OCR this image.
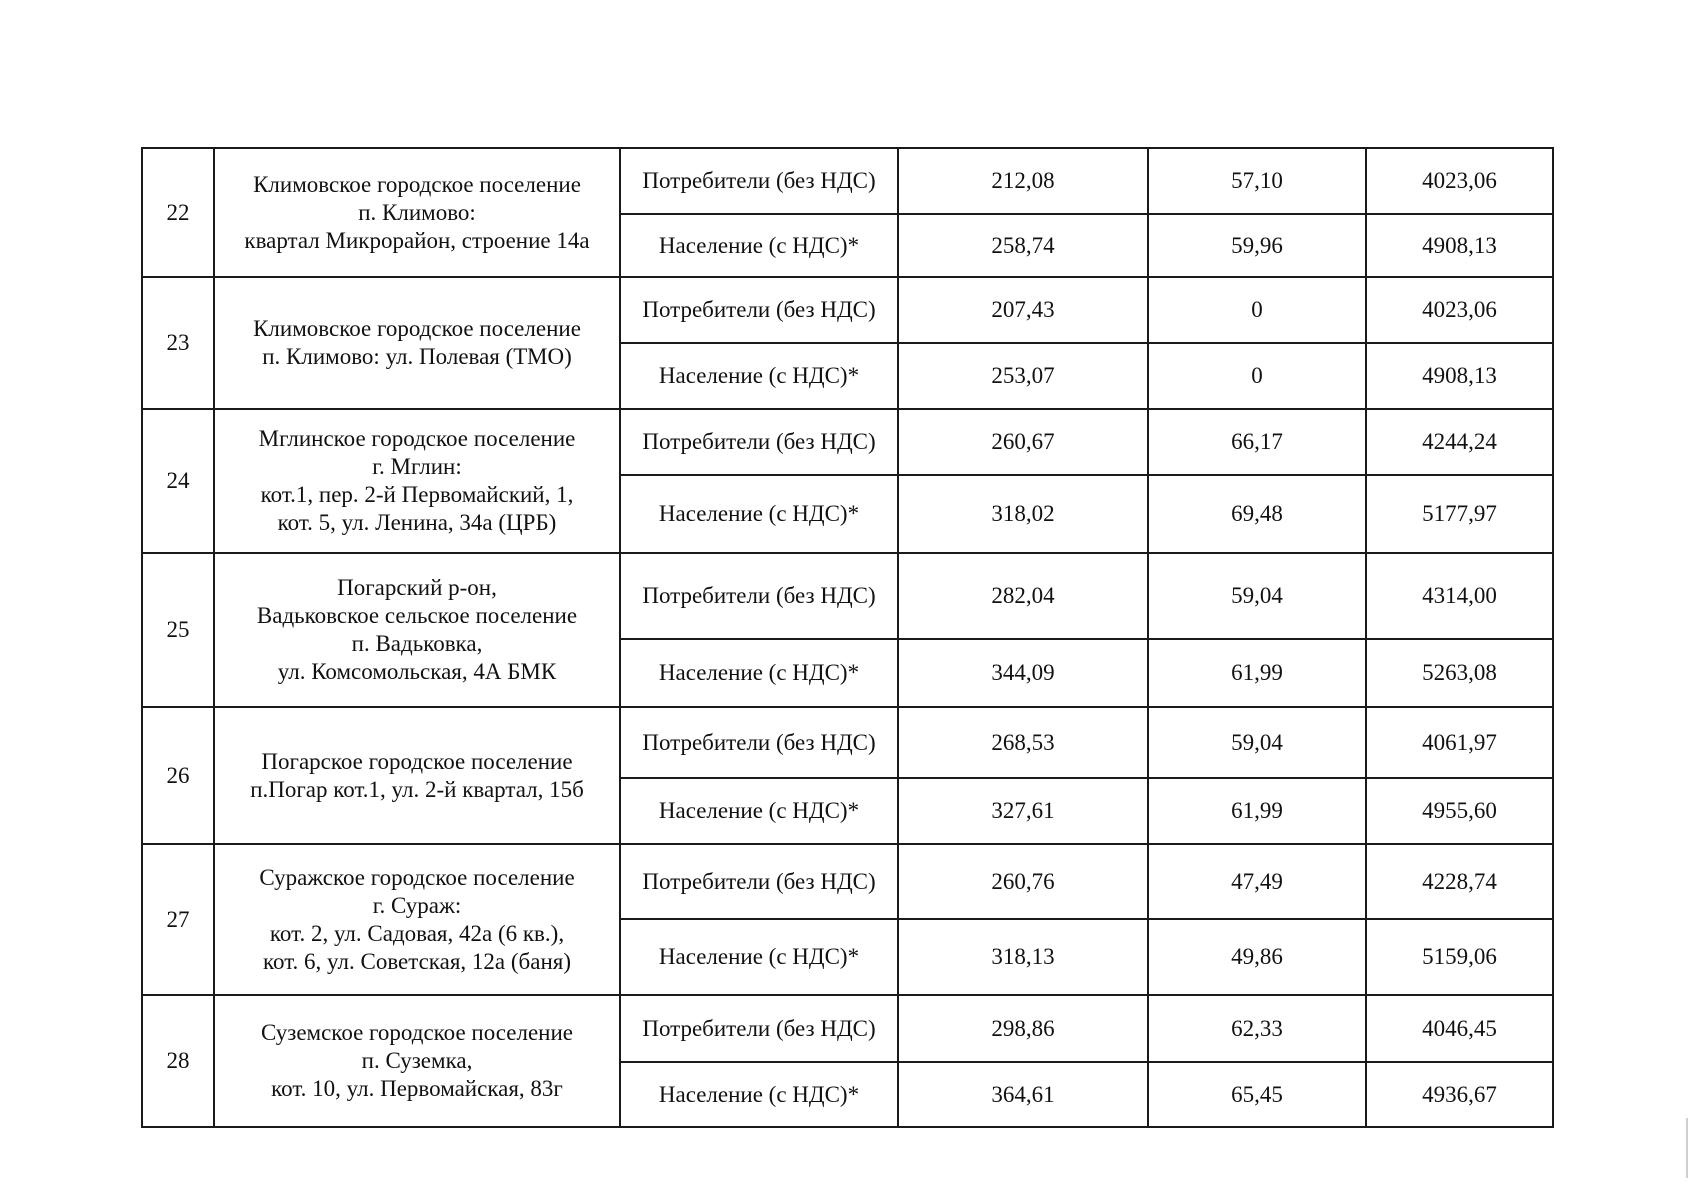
22	Климовское городское поселение
п. Климово:
квартал Микрорайон, строение 14а	Потребители (без НДС)	212,08	57,10	4023,06
		Население (с НДС)*	258,74	59,96	4908,13
23	Климовское городское поселение
п. Климово: ул. Полевая (ТМО)	Потребители (без НДС)	207,43	0	4023,06
		Население (с НДС)*	253,07	0	4908,13
24	Мглинское городское поселение
г. Мглин:
кот.1, пер. 2-й Первомайский, 1,
кот. 5, ул. Ленина, 34а (ЦРБ)	Потребители (без НДС)	260,67	66,17	4244,24
		Население (с НДС)*	318,02	69,48	5177,97
25	Погарский р-он,
Вадьковское сельское поселение
п. Вадьковка,
ул. Комсомольская, 4А БМК	Потребители (без НДС)	282,04	59,04	4314,00
		Население (с НДС)*	344,09	61,99	5263,08
26	Погарское городское поселение
п.Погар кот.1, ул. 2-й квартал, 15б	Потребители (без НДС)	268,53	59,04	4061,97
		Население (с НДС)*	327,61	61,99	4955,60
27	Суражское городское поселение
г. Сураж:
кот. 2, ул. Садовая, 42а (6 кв.),
кот. 6, ул. Советская, 12а (баня)	Потребители (без НДС)	260,76	47,49	4228,74
		Население (с НДС)*	318,13	49,86	5159,06
28	Суземское городское поселение
п. Суземка,
кот. 10, ул. Первомайская, 83г	Потребители (без НДС)	298,86	62,33	4046,45
		Население (с НДС)*	364,61	65,45	4936,67
